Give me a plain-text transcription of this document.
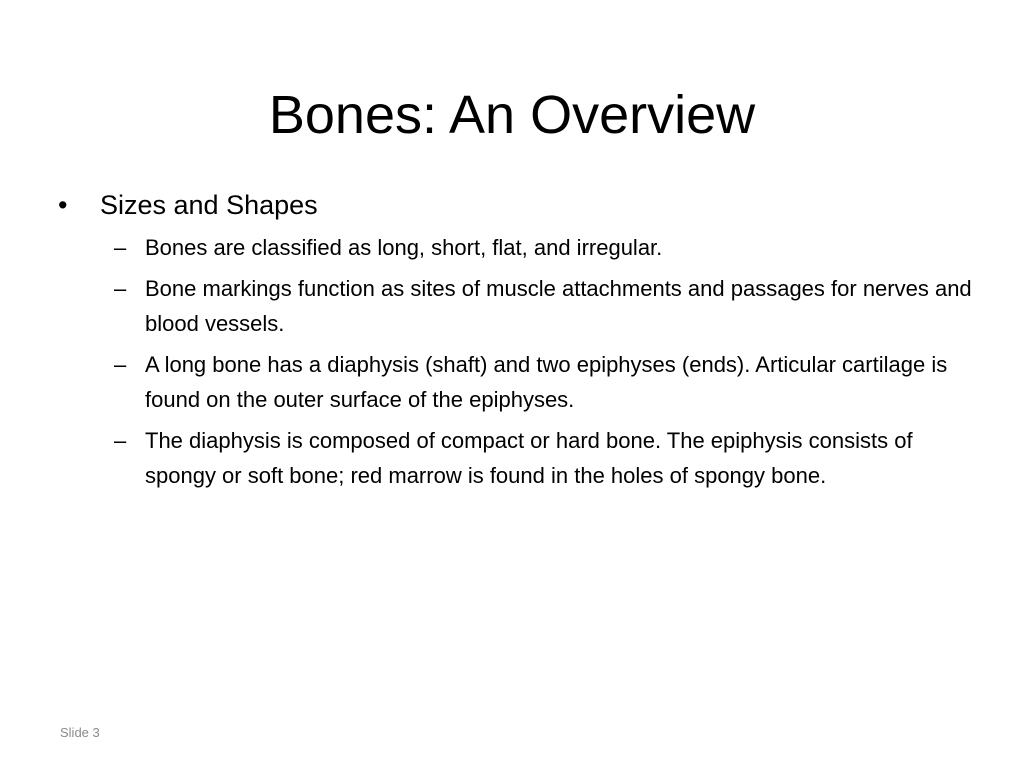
Bones: An Overview
• Sizes and Shapes
– Bones are classified as long, short, flat, and irregular.
– Bone markings function as sites of muscle attachments and passages for nerves and blood vessels.
– A long bone has a diaphysis (shaft) and two epiphyses (ends). Articular cartilage is found on the outer surface of the epiphyses.
– The diaphysis is composed of compact or hard bone. The epiphysis consists of spongy or soft bone; red marrow is found in the holes of spongy bone.
Slide 3
